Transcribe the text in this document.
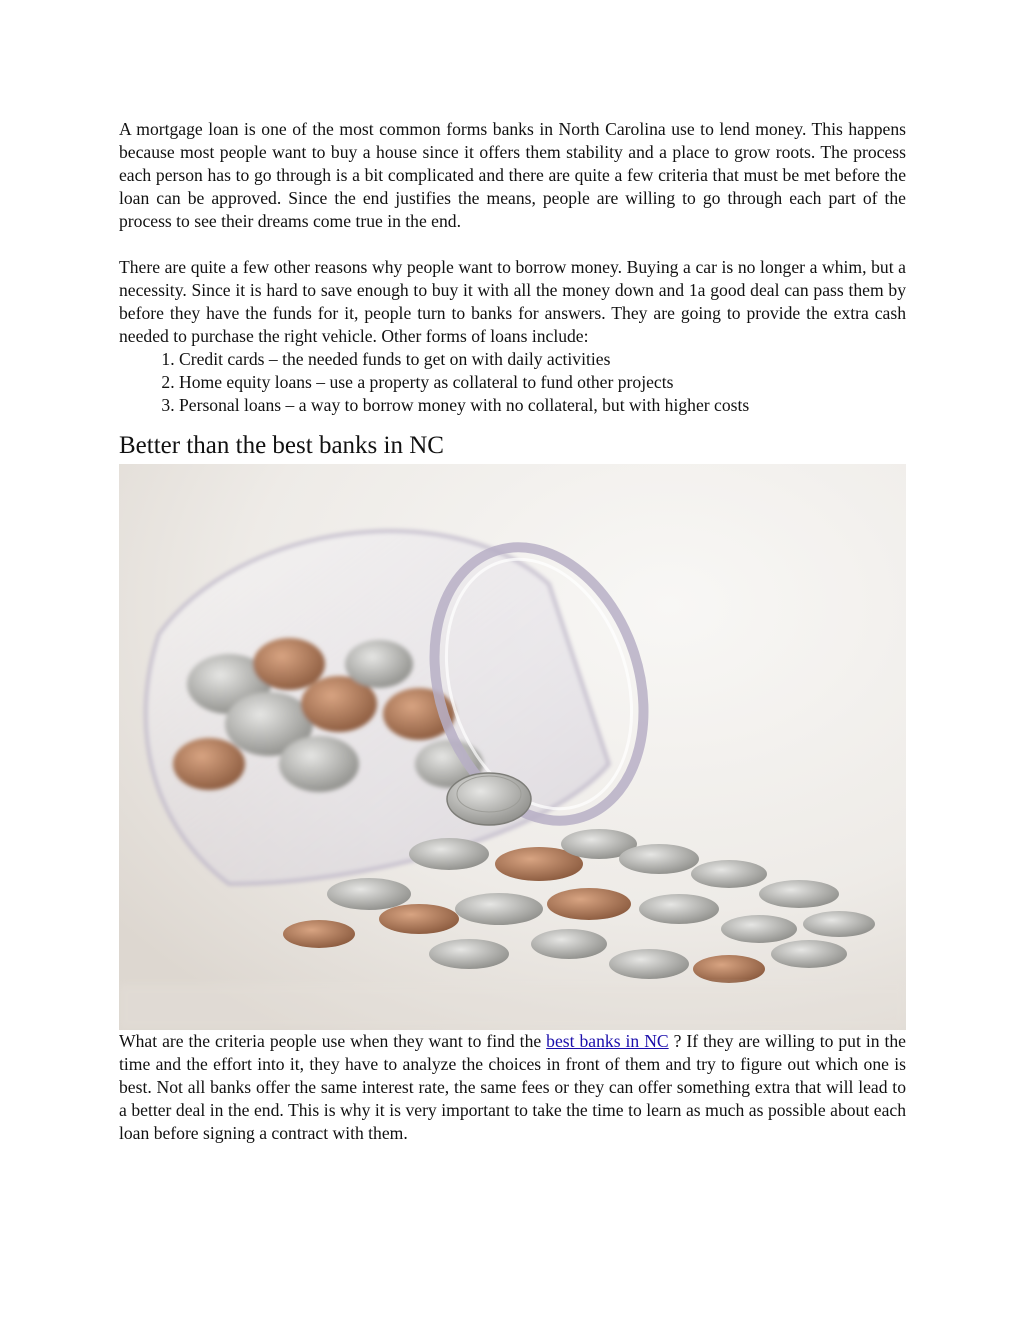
A mortgage loan is one of the most common forms banks in North Carolina use to lend money. This happens because most people want to buy a house since it offers them stability and a place to grow roots. The process each person has to go through is a bit complicated and there are quite a few criteria that must be met before the loan can be approved. Since the end justifies the means, people are willing to go through each part of the process to see their dreams come true in the end.

There are quite a few other reasons why people want to borrow money. Buying a car is no longer a whim, but a necessity. Since it is hard to save enough to buy it with all the money down and 1a good deal can pass them by before they have the funds for it, people turn to banks for answers. They are going to provide the extra cash needed to purchase the right vehicle. Other forms of loans include:

1. Credit cards – the needed funds to get on with daily activities
2. Home equity loans – use a property as collateral to fund other projects
3. Personal loans – a way to borrow money with no collateral, but with higher costs
Better than the best banks in NC

What are the criteria people use when they want to find the best banks in NC ? If they are willing to put in the time and the effort into it, they have to analyze the choices in front of them and try to figure out which one is best. Not all banks offer the same interest rate, the same fees or they can offer something extra that will lead to a better deal in the end. This is why it is very important to take the time to learn as much as possible about each loan before signing a contract with them.
